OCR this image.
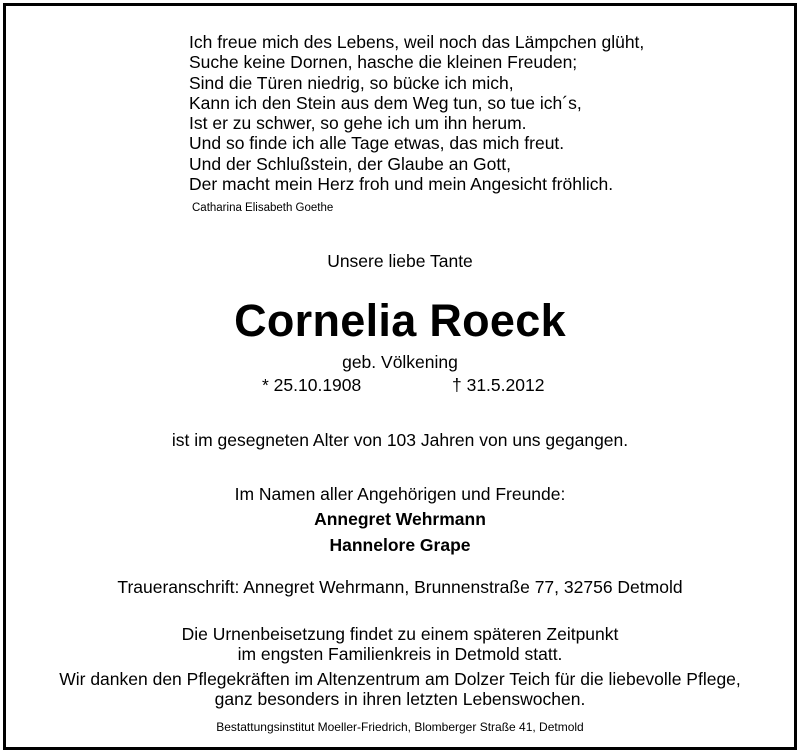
Ich freue mich des Lebens, weil noch das Lämpchen glüht,
Suche keine Dornen, hasche die kleinen Freuden;
Sind die Türen niedrig, so bücke ich mich,
Kann ich den Stein aus dem Weg tun, so tue ich´s,
Ist er zu schwer, so gehe ich um ihn herum.
Und so finde ich alle Tage etwas, das mich freut.
Und der Schlußstein, der Glaube an Gott,
Der macht mein Herz froh und mein Angesicht fröhlich.
Catharina Elisabeth Goethe
Unsere liebe Tante
Cornelia Roeck
geb. Völkening
* 25.10.1908	† 31.5.2012
ist im gesegneten Alter von 103 Jahren von uns gegangen.
Im Namen aller Angehörigen und Freunde:
Annegret Wehrmann
Hannelore Grape
Traueranschrift: Annegret Wehrmann, Brunnenstraße 77, 32756 Detmold
Die Urnenbeisetzung findet zu einem späteren Zeitpunkt
im engsten Familienkreis in Detmold statt.
Wir danken den Pflegekräften im Altenzentrum am Dolzer Teich für die liebevolle Pflege,
ganz besonders in ihren letzten Lebenswochen.
Bestattungsinstitut Moeller-Friedrich, Blomberger Straße 41, Detmold
